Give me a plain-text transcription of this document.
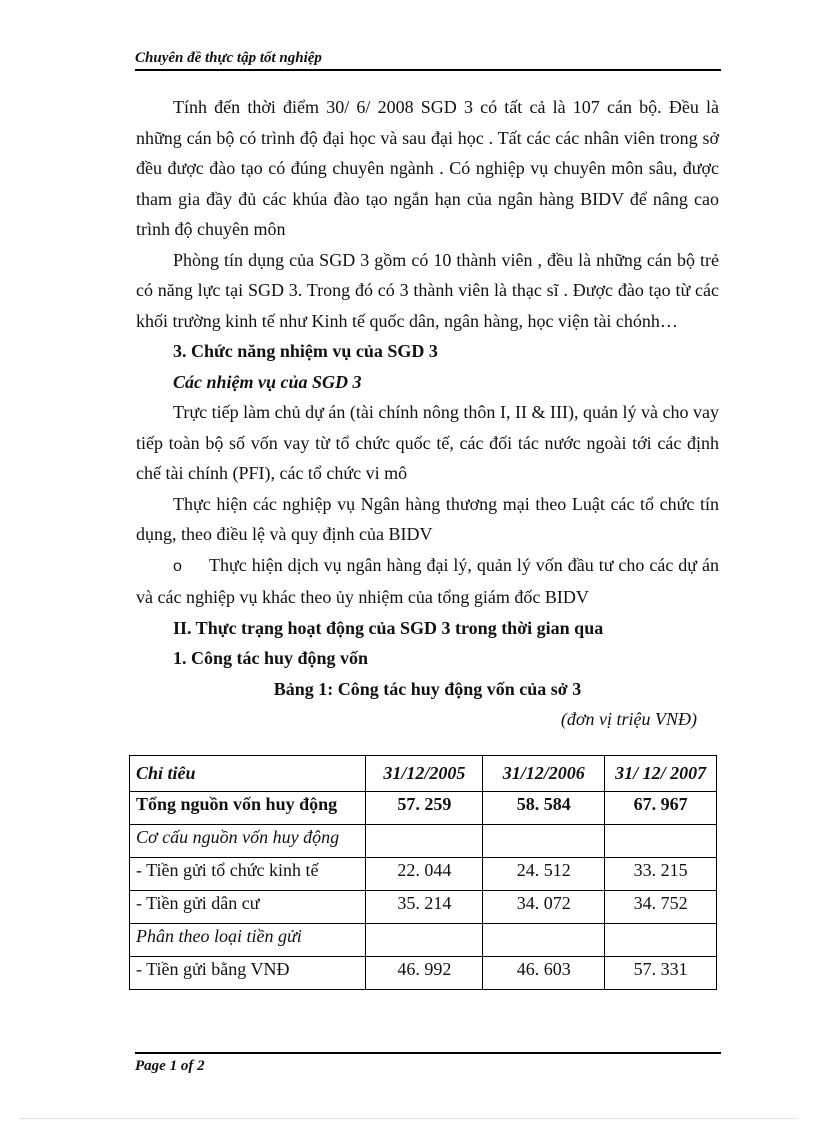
Chuyên đề thực tập tốt nghiệp

Tính đến thời điểm 30/ 6/ 2008 SGD 3 có tất cả là 107 cán bộ. Đều là những cán bộ có trình độ đại học và sau đại học . Tất các các nhân viên trong sở đều được đào tạo có đúng chuyên ngành . Có nghiệp vụ chuyên môn sâu, được tham gia đầy đủ các khúa đào tạo ngắn hạn của ngân hàng BIDV để nâng cao trình độ chuyên môn

Phòng tín dụng của SGD 3 gồm có 10 thành viên , đều là những cán bộ trẻ có năng lực tại SGD 3. Trong đó có 3 thành viên là thạc sĩ . Được đào tạo từ các khối trường kinh tế như Kinh tế quốc dân, ngân hàng, học viện tài chónh…

3. Chức năng nhiệm vụ của SGD 3
Các nhiệm vụ của SGD 3

Trực tiếp làm chủ dự án (tài chính nông thôn I, II & III), quản lý và cho vay tiếp toàn bộ số vốn vay từ tổ chức quốc tế, các đối tác nước ngoài tới các định chế tài chính (PFI), các tổ chức vi mô

Thực hiện các nghiệp vụ Ngân hàng thương mại theo Luật các tổ chức tín dụng, theo điều lệ và quy định của BIDV

o Thực hiện dịch vụ ngân hàng đại lý, quản lý vốn đầu tư cho các dự án và các nghiệp vụ khác theo ủy nhiệm của tổng giám đốc BIDV

II. Thực trạng hoạt động của SGD 3 trong thời gian qua
1. Công tác huy động vốn
Bảng 1: Công tác huy động vốn của sở 3
(đơn vị triệu VNĐ)
Chỉ tiêu	31/12/2005	31/12/2006	31/ 12/ 2007
Tổng nguồn vốn huy động	57. 259	58. 584	67. 967
Cơ cấu nguồn vốn huy động			
- Tiền gửi tổ chức kinh tế	22. 044	24. 512	33. 215
- Tiền gửi dân cư	35. 214	34. 072	34. 752
Phân theo loại tiền gửi			
- Tiền gửi bằng VNĐ	46. 992	46. 603	57. 331
Page 1 of 2
